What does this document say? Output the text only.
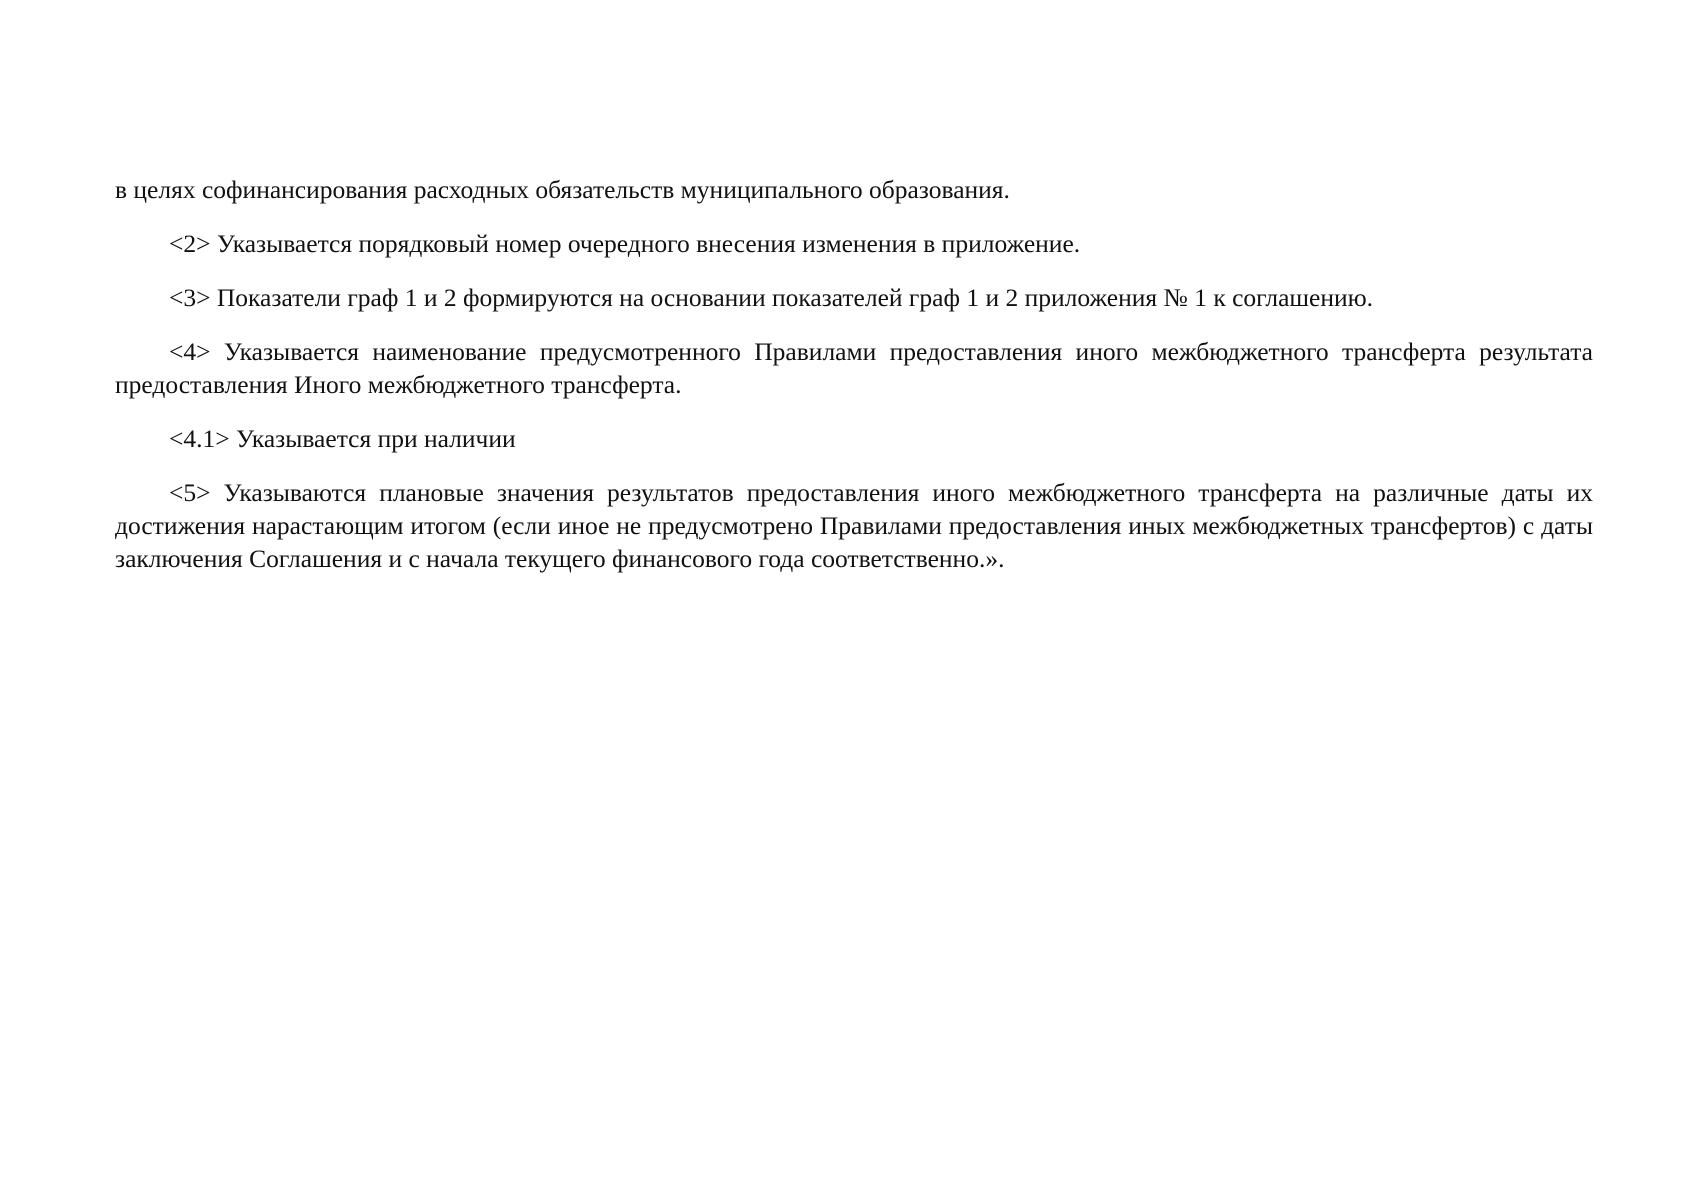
в целях софинансирования расходных обязательств муниципального образования.

<2> Указывается порядковый номер очередного внесения изменения в приложение.

<3> Показатели граф 1 и 2 формируются на основании показателей граф 1 и 2 приложения № 1 к соглашению.

<4> Указывается наименование предусмотренного Правилами предоставления иного межбюджетного трансферта результата предоставления Иного межбюджетного трансферта.

<4.1> Указывается при наличии

<5> Указываются плановые значения результатов предоставления иного межбюджетного трансферта на различные даты их достижения нарастающим итогом (если иное не предусмотрено Правилами предоставления иных межбюджетных трансфертов) с даты заключения Соглашения и с начала текущего финансового года соответственно.».
